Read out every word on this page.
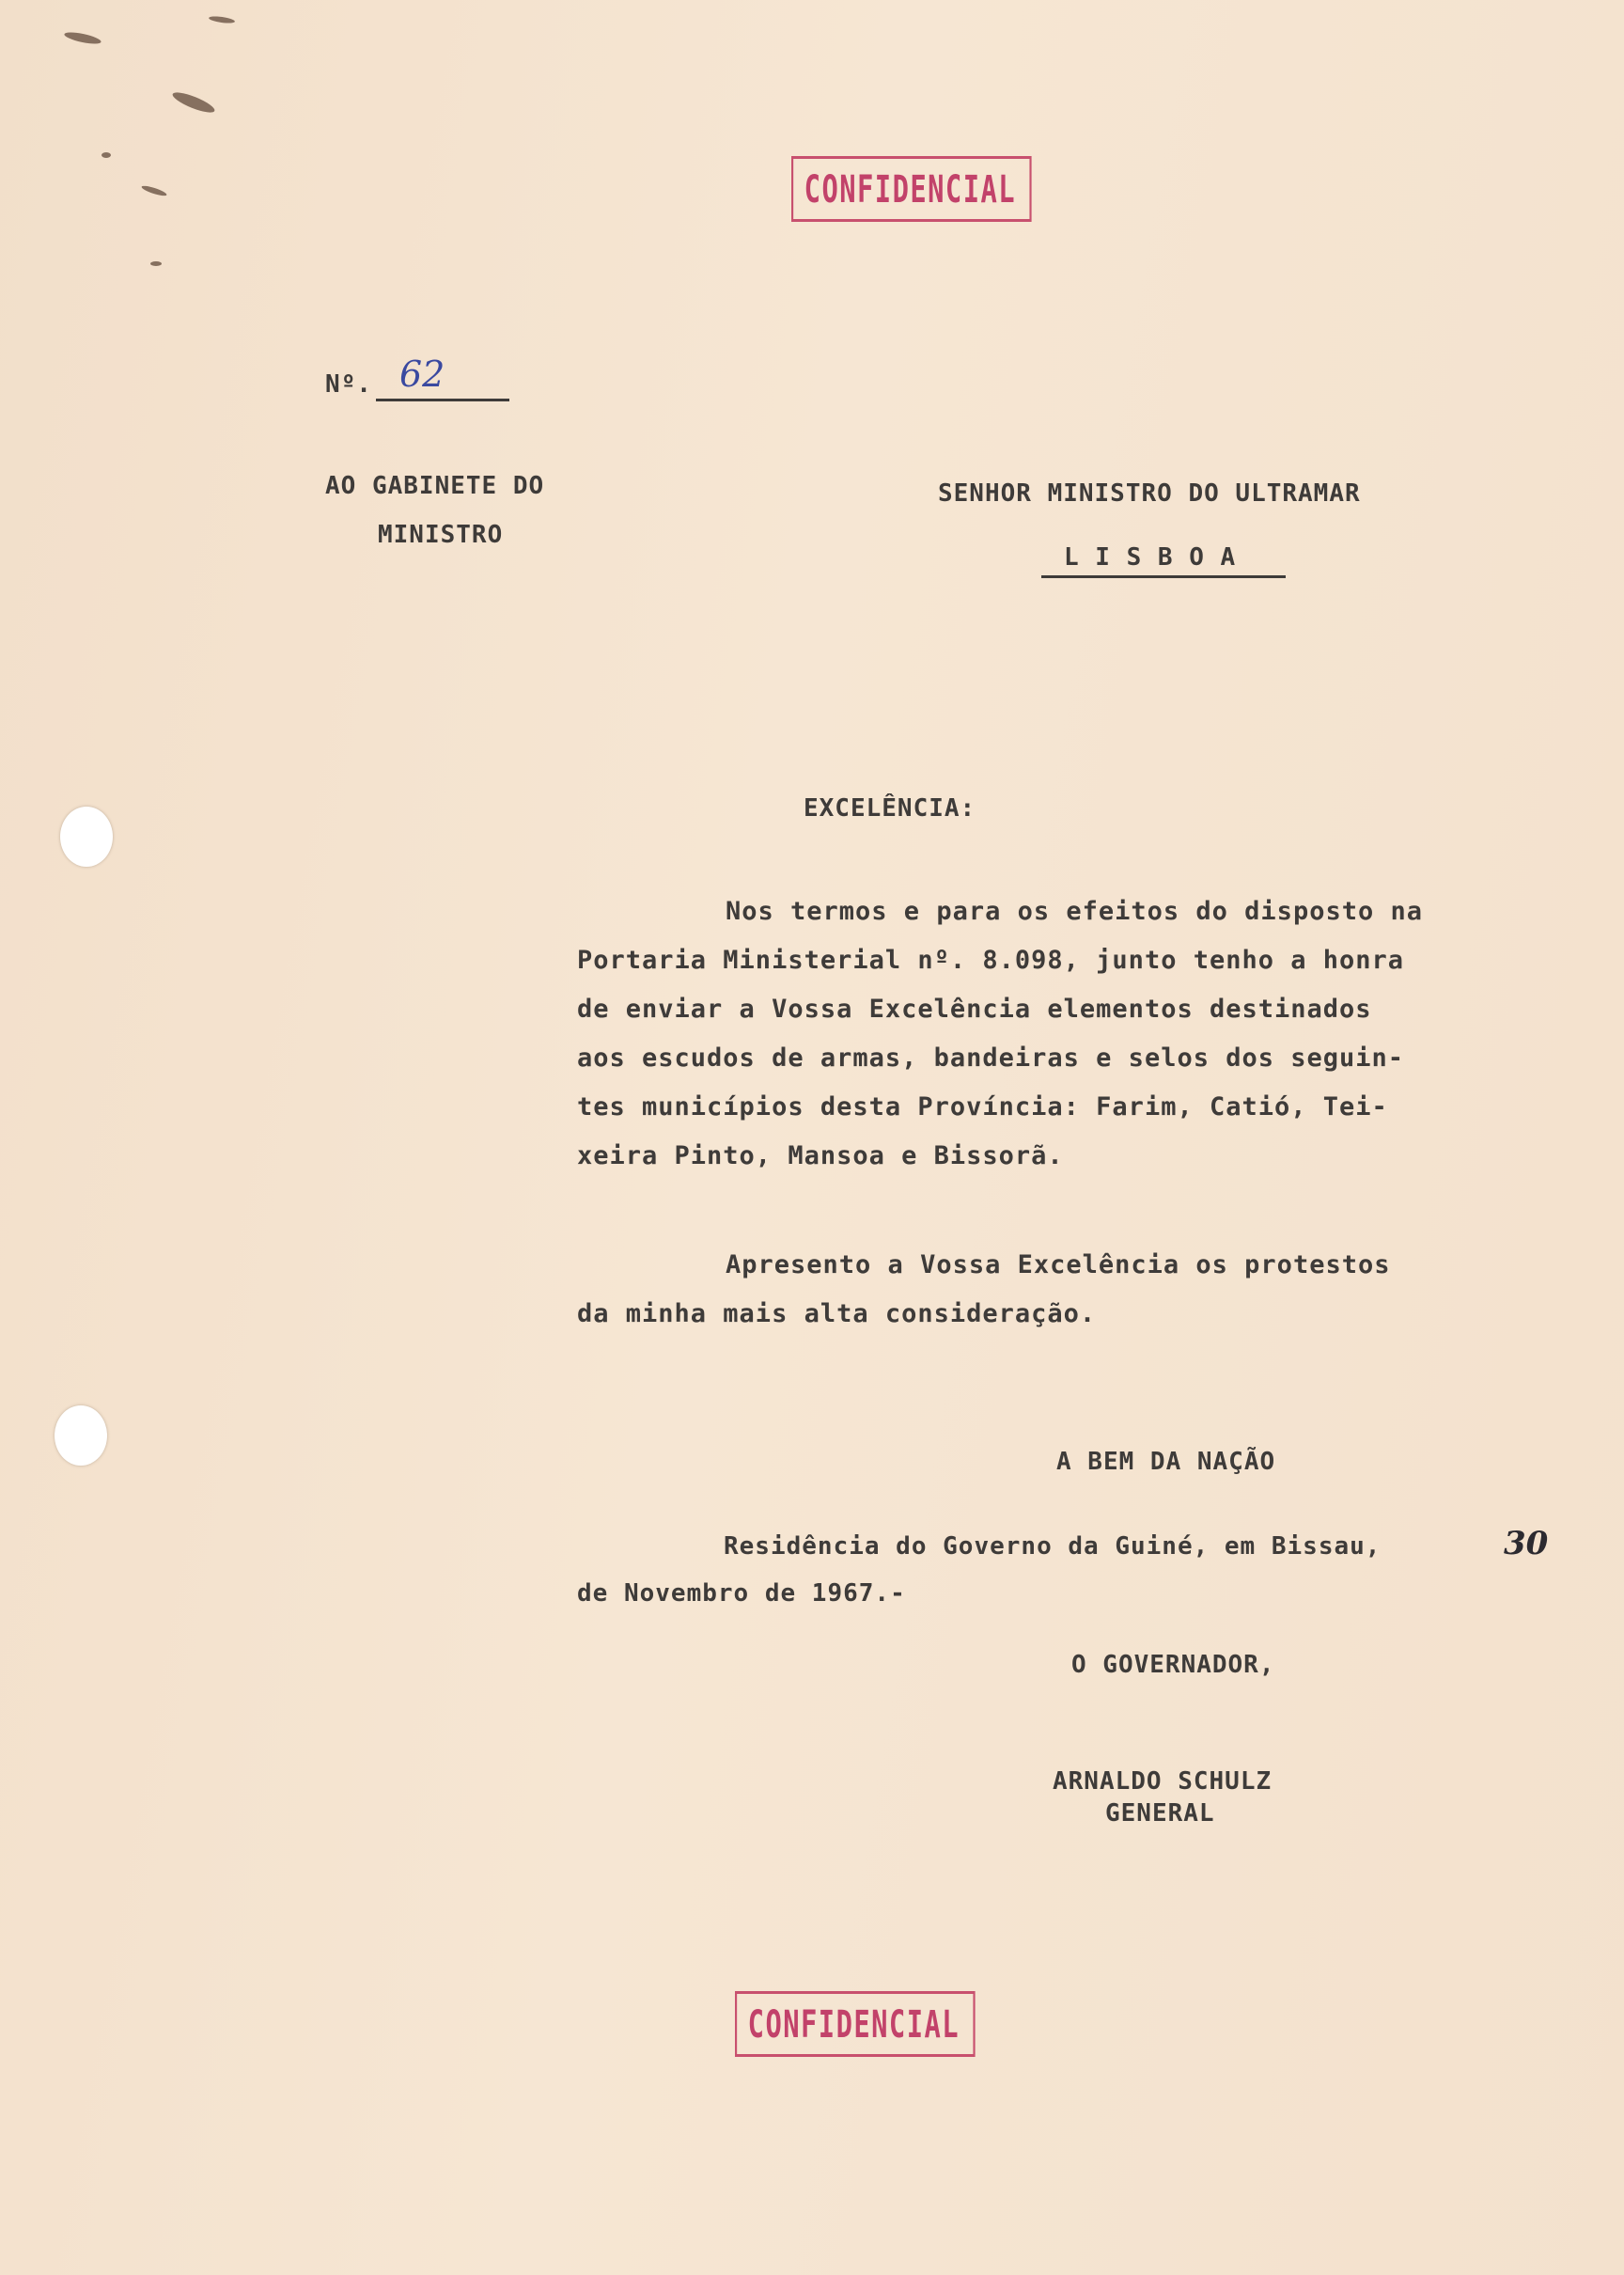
CONFIDENCIAL
Nº. 62
AO GABINETE DO
MINISTRO
SENHOR MINISTRO DO ULTRAMAR
L I S B O A
EXCELÊNCIA:
Nos termos e para os efeitos do disposto na
Portaria Ministerial nº. 8.098, junto tenho a honra
de enviar a Vossa Excelência elementos destinados
aos escudos de armas, bandeiras e selos dos seguin-
tes municípios desta Província: Farim, Catió, Tei-
xeira Pinto, Mansoa e Bissorã.
Apresento a Vossa Excelência os protestos
da minha mais alta consideração.
A BEM DA NAÇÃO
Residência do Governo da Guiné, em Bissau,	30
de Novembro de 1967.-
O GOVERNADOR,
ARNALDO SCHULZ
GENERAL
CONFIDENCIAL
